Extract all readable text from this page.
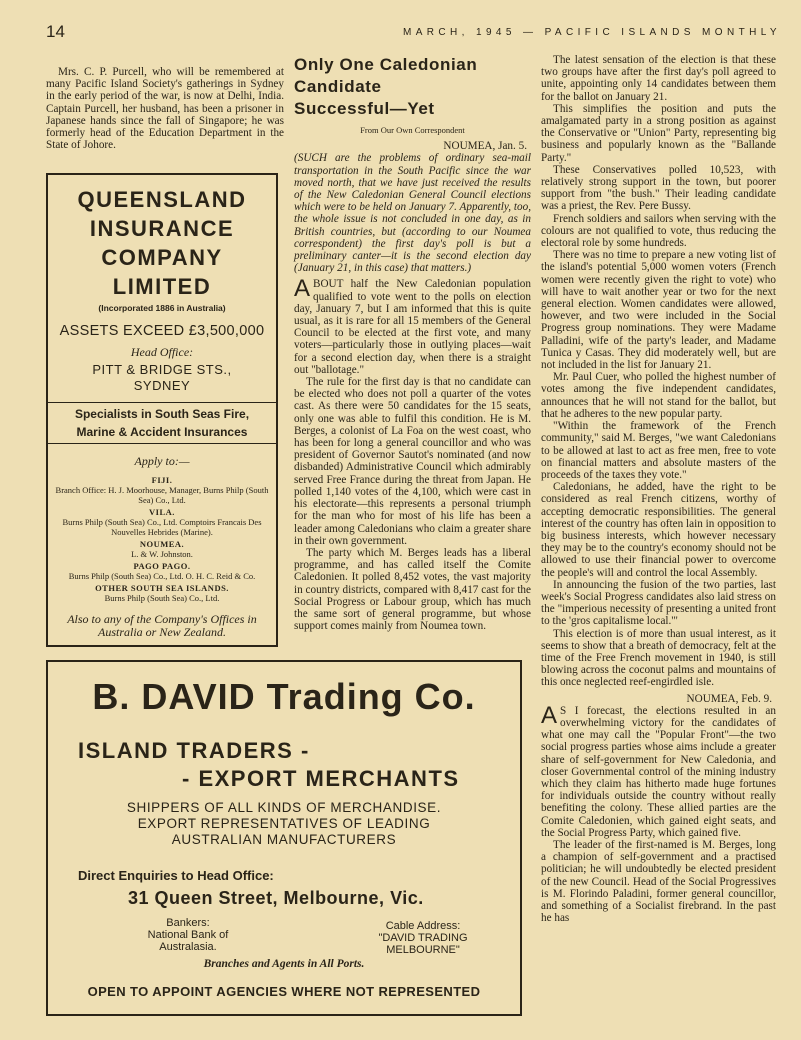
14	MARCH, 1945 — PACIFIC ISLANDS MONTHLY

Mrs. C. P. Purcell, who will be remembered at many Pacific Island Society's gatherings in Sydney in the early period of the war, is now at Delhi, India. Captain Purcell, her husband, has been a prisoner in Japanese hands since the fall of Singapore; he was formerly head of the Education Department in the State of Johore.

QUEENSLAND
INSURANCE
COMPANY
LIMITED
(Incorporated 1886 in Australia)
ASSETS EXCEED £3,500,000
Head Office:
PITT & BRIDGE STS.,
SYDNEY
Specialists in South Seas Fire,
Marine & Accident Insurances
Apply to:—
FIJI.
Branch Office: H. J. Moorhouse, Manager, Burns Philp (South Sea) Co., Ltd.
VILA.
Burns Philp (South Sea) Co., Ltd. Comptoirs Francais Des Nouvelles Hebrides (Marine).
NOUMEA.
L. & W. Johnston.
PAGO PAGO.
Burns Philp (South Sea) Co., Ltd. O. H. C. Reid & Co.
OTHER SOUTH SEA ISLANDS.
Burns Philp (South Sea) Co., Ltd.
Also to any of the Company's Offices in Australia or New Zealand.
B. DAVID Trading Co.
ISLAND TRADERS -
- EXPORT MERCHANTS
SHIPPERS OF ALL KINDS OF MERCHANDISE.
EXPORT REPRESENTATIVES OF LEADING
AUSTRALIAN MANUFACTURERS
Direct Enquiries to Head Office:
31 Queen Street, Melbourne, Vic.
Bankers:
National Bank of
Australasia.
Cable Address:
"DAVID TRADING
MELBOURNE"
Branches and Agents in All Ports.
OPEN TO APPOINT AGENCIES WHERE NOT REPRESENTED
Only One Caledonian
Candidate
Successful—Yet
From Our Own Correspondent
NOUMEA, Jan. 5.

(SUCH are the problems of ordinary sea-mail transportation in the South Pacific since the war moved north, that we have just received the results of the New Caledonian General Council elections which were to be held on January 7. Apparently, too, the whole issue is not concluded in one day, as in British countries, but (according to our Noumea correspondent) the first day's poll is but a preliminary canter—it is the second election day (January 21, in this case) that matters.)

ABOUT half the New Caledonian population qualified to vote went to the polls on election day, January 7, but I am informed that this is quite usual, as it is rare for all 15 members of the General Council to be elected at the first vote, and many voters—particularly those in outlying places—wait for a second election day, when there is a straight out "ballotage."

The rule for the first day is that no candidate can be elected who does not poll a quarter of the votes cast. As there were 50 candidates for the 15 seats, only one was able to fulfil this condition. He is M. Berges, a colonist of La Foa on the west coast, who has been for long a general councillor and who was president of Governor Sautot's nominated (and now disbanded) Administrative Council which admirably served Free France during the threat from Japan. He polled 1,140 votes of the 4,100, which were cast in his electorate—this represents a personal triumph for the man who for most of his life has been a leader among Caledonians who claim a greater share in their own government.

The party which M. Berges leads has a liberal programme, and has called itself the Comite Caledonien. It polled 8,452 votes, the vast majority in country districts, compared with 8,417 cast for the Social Progress or Labour group, which has much the same sort of general programme, but whose support comes mainly from Noumea town.

The latest sensation of the election is that these two groups have after the first day's poll agreed to unite, appointing only 14 candidates between them for the ballot on January 21.

This simplifies the position and puts the amalgamated party in a strong position as against the Conservative or "Union" Party, representing big business and popularly known as the "Ballande Party."

These Conservatives polled 10,523, with relatively strong support in the town, but poorer support from "the bush." Their leading candidate was a priest, the Rev. Pere Bussy.

French soldiers and sailors when serving with the colours are not qualified to vote, thus reducing the electoral role by some hundreds.

There was no time to prepare a new voting list of the island's potential 5,000 women voters (French women were recently given the right to vote) who will have to wait another year or two for the next general election. Women candidates were allowed, however, and two were included in the Social Progress group nominations. They were Madame Palladini, wife of the party's leader, and Madame Tunica y Casas. They did moderately well, but are not included in the list for January 21.

Mr. Paul Cuer, who polled the highest number of votes among the five independent candidates, announces that he will not stand for the ballot, but that he adheres to the new popular party.

"Within the framework of the French community," said M. Berges, "we want Caledonians to be allowed at last to act as free men, free to vote on financial matters and absolute masters of the proceeds of the taxes they vote."

Caledonians, he added, have the right to be considered as real French citizens, worthy of accepting democratic responsibilities. The general interest of the country has often lain in opposition to big business interests, which however necessary they may be to the country's economy should not be allowed to use their financial power to overcome the people's will and control the local Assembly.

In announcing the fusion of the two parties, last week's Social Progress candidates also laid stress on the "imperious necessity of presenting a united front to the 'gros capitalisme local.'"

This election is of more than usual interest, as it seems to show that a breath of democracy, felt at the time of the Free French movement in 1940, is still blowing across the coconut palms and mountains of this once neglected reef-engirdled isle.

NOUMEA, Feb. 9.

A S I forecast, the elections resulted in an overwhelming victory for the candidates of what one may call the "Popular Front"—the two social progress parties whose aims include a greater share of self-government for New Caledonia, and closer Governmental control of the mining industry which they claim has hitherto made huge fortunes for individuals outside the country without really benefiting the colony. These allied parties are the Comite Caledonien, which gained eight seats, and the Social Progress Party, which gained five.

The leader of the first-named is M. Berges, long a champion of self-government and a practised politician; he will undoubtedly be elected president of the new Council. Head of the Social Progressives is M. Florindo Paladini, former general councillor, and something of a Socialist firebrand. In the past he has
